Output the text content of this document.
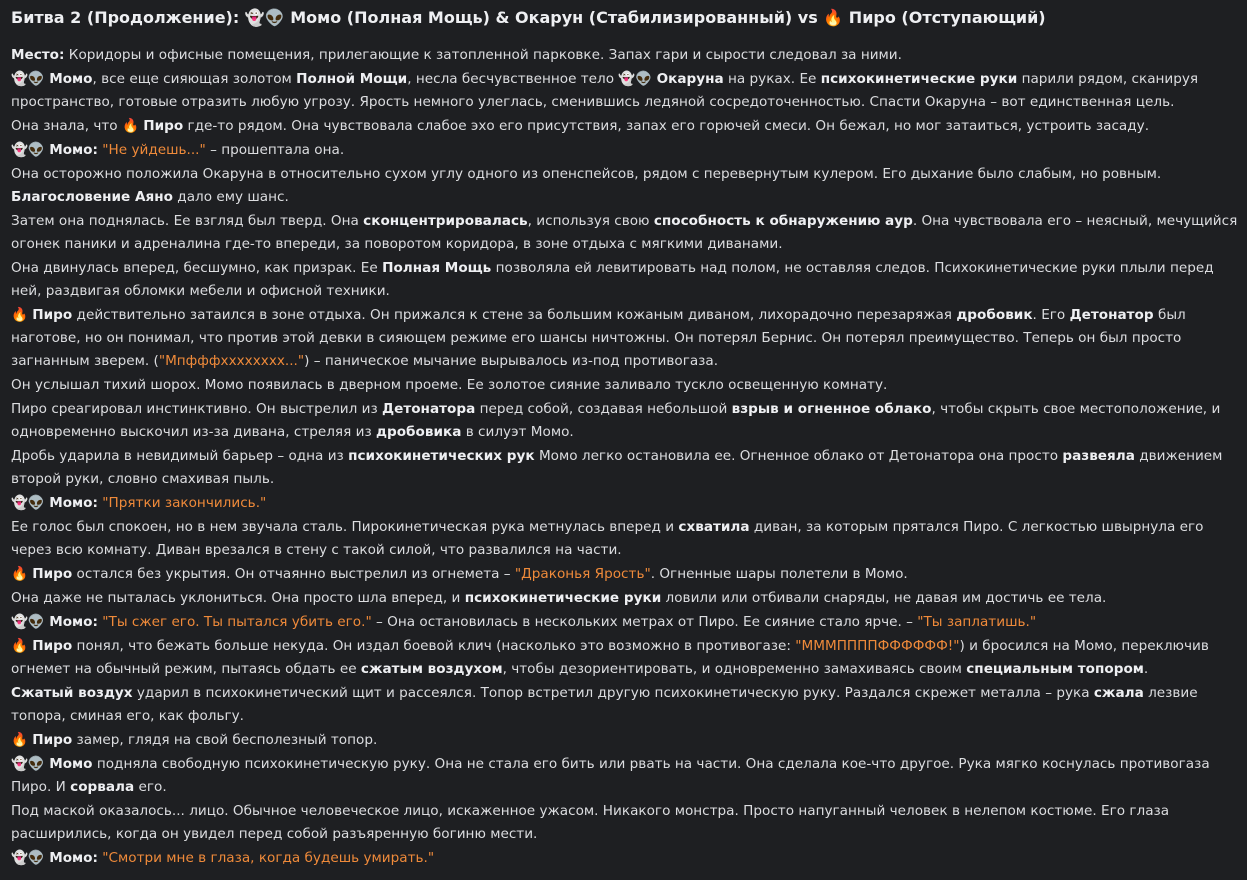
Битва 2 (Продолжение): 👻👽 Момо (Полная Мощь) & Окарун (Стабилизированный) vs 🔥 Пиро (Отступающий)
Место: Коридоры и офисные помещения, прилегающие к затопленной парковке. Запах гари и сырости следовал за ними.
👻👽 Момо, все еще сияющая золотом Полной Мощи, несла бесчувственное тело 👻👽 Окаруна на руках. Ее психокинетические руки парили рядом, сканируя пространство, готовые отразить любую угрозу. Ярость немного улеглась, сменившись ледяной сосредоточенностью. Спасти Окаруна – вот единственная цель.
Она знала, что 🔥 Пиро где-то рядом. Она чувствовала слабое эхо его присутствия, запах его горючей смеси. Он бежал, но мог затаиться, устроить засаду.
👻👽 Момо: "Не уйдешь..." – прошептала она.
Она осторожно положила Окаруна в относительно сухом углу одного из опенспейсов, рядом с перевернутым кулером. Его дыхание было слабым, но ровным. Благословение Аяно дало ему шанс.
Затем она поднялась. Ее взгляд был тверд. Она сконцентрировалась, используя свою способность к обнаружению аур. Она чувствовала его – неясный, мечущийся огонек паники и адреналина где-то впереди, за поворотом коридора, в зоне отдыха с мягкими диванами.
Она двинулась вперед, бесшумно, как призрак. Ее Полная Мощь позволяла ей левитировать над полом, не оставляя следов. Психокинетические руки плыли перед ней, раздвигая обломки мебели и офисной техники.
🔥 Пиро действительно затаился в зоне отдыха. Он прижался к стене за большим кожаным диваном, лихорадочно перезаряжая дробовик. Его Детонатор был наготове, но он понимал, что против этой девки в сияющем режиме его шансы ничтожны. Он потерял Бернис. Он потерял преимущество. Теперь он был просто загнанным зверем. ("Мпфффхххххххх...") – паническое мычание вырывалось из-под противогаза.
Он услышал тихий шорох. Момо появилась в дверном проеме. Ее золотое сияние заливало тускло освещенную комнату.
Пиро среагировал инстинктивно. Он выстрелил из Детонатора перед собой, создавая небольшой взрыв и огненное облако, чтобы скрыть свое местоположение, и одновременно выскочил из-за дивана, стреляя из дробовика в силуэт Момо.
Дробь ударила в невидимый барьер – одна из психокинетических рук Момо легко остановила ее. Огненное облако от Детонатора она просто развеяла движением второй руки, словно смахивая пыль.
👻👽 Момо: "Прятки закончились."
Ее голос был спокоен, но в нем звучала сталь. Пирокинетическая рука метнулась вперед и схватила диван, за которым прятался Пиро. С легкостью швырнула его через всю комнату. Диван врезался в стену с такой силой, что развалился на части.
🔥 Пиро остался без укрытия. Он отчаянно выстрелил из огнемета – "Драконья Ярость". Огненные шары полетели в Момо.
Она даже не пыталась уклониться. Она просто шла вперед, и психокинетические руки ловили или отбивали снаряды, не давая им достичь ее тела.
👻👽 Момо: "Ты сжег его. Ты пытался убить его." – Она остановилась в нескольких метрах от Пиро. Ее сияние стало ярче. – "Ты заплатишь."
🔥 Пиро понял, что бежать больше некуда. Он издал боевой клич (насколько это возможно в противогазе: "МММППППФФФФФФ!") и бросился на Момо, переключив огнемет на обычный режим, пытаясь обдать ее сжатым воздухом, чтобы дезориентировать, и одновременно замахиваясь своим специальным топором.
Сжатый воздух ударил в психокинетический щит и рассеялся. Топор встретил другую психокинетическую руку. Раздался скрежет металла – рука сжала лезвие топора, сминая его, как фольгу.
🔥 Пиро замер, глядя на свой бесполезный топор.
👻👽 Момо подняла свободную психокинетическую руку. Она не стала его бить или рвать на части. Она сделала кое-что другое. Рука мягко коснулась противогаза Пиро. И сорвала его.
Под маской оказалось... лицо. Обычное человеческое лицо, искаженное ужасом. Никакого монстра. Просто напуганный человек в нелепом костюме. Его глаза расширились, когда он увидел перед собой разъяренную богиню мести.
👻👽 Момо: "Смотри мне в глаза, когда будешь умирать."
